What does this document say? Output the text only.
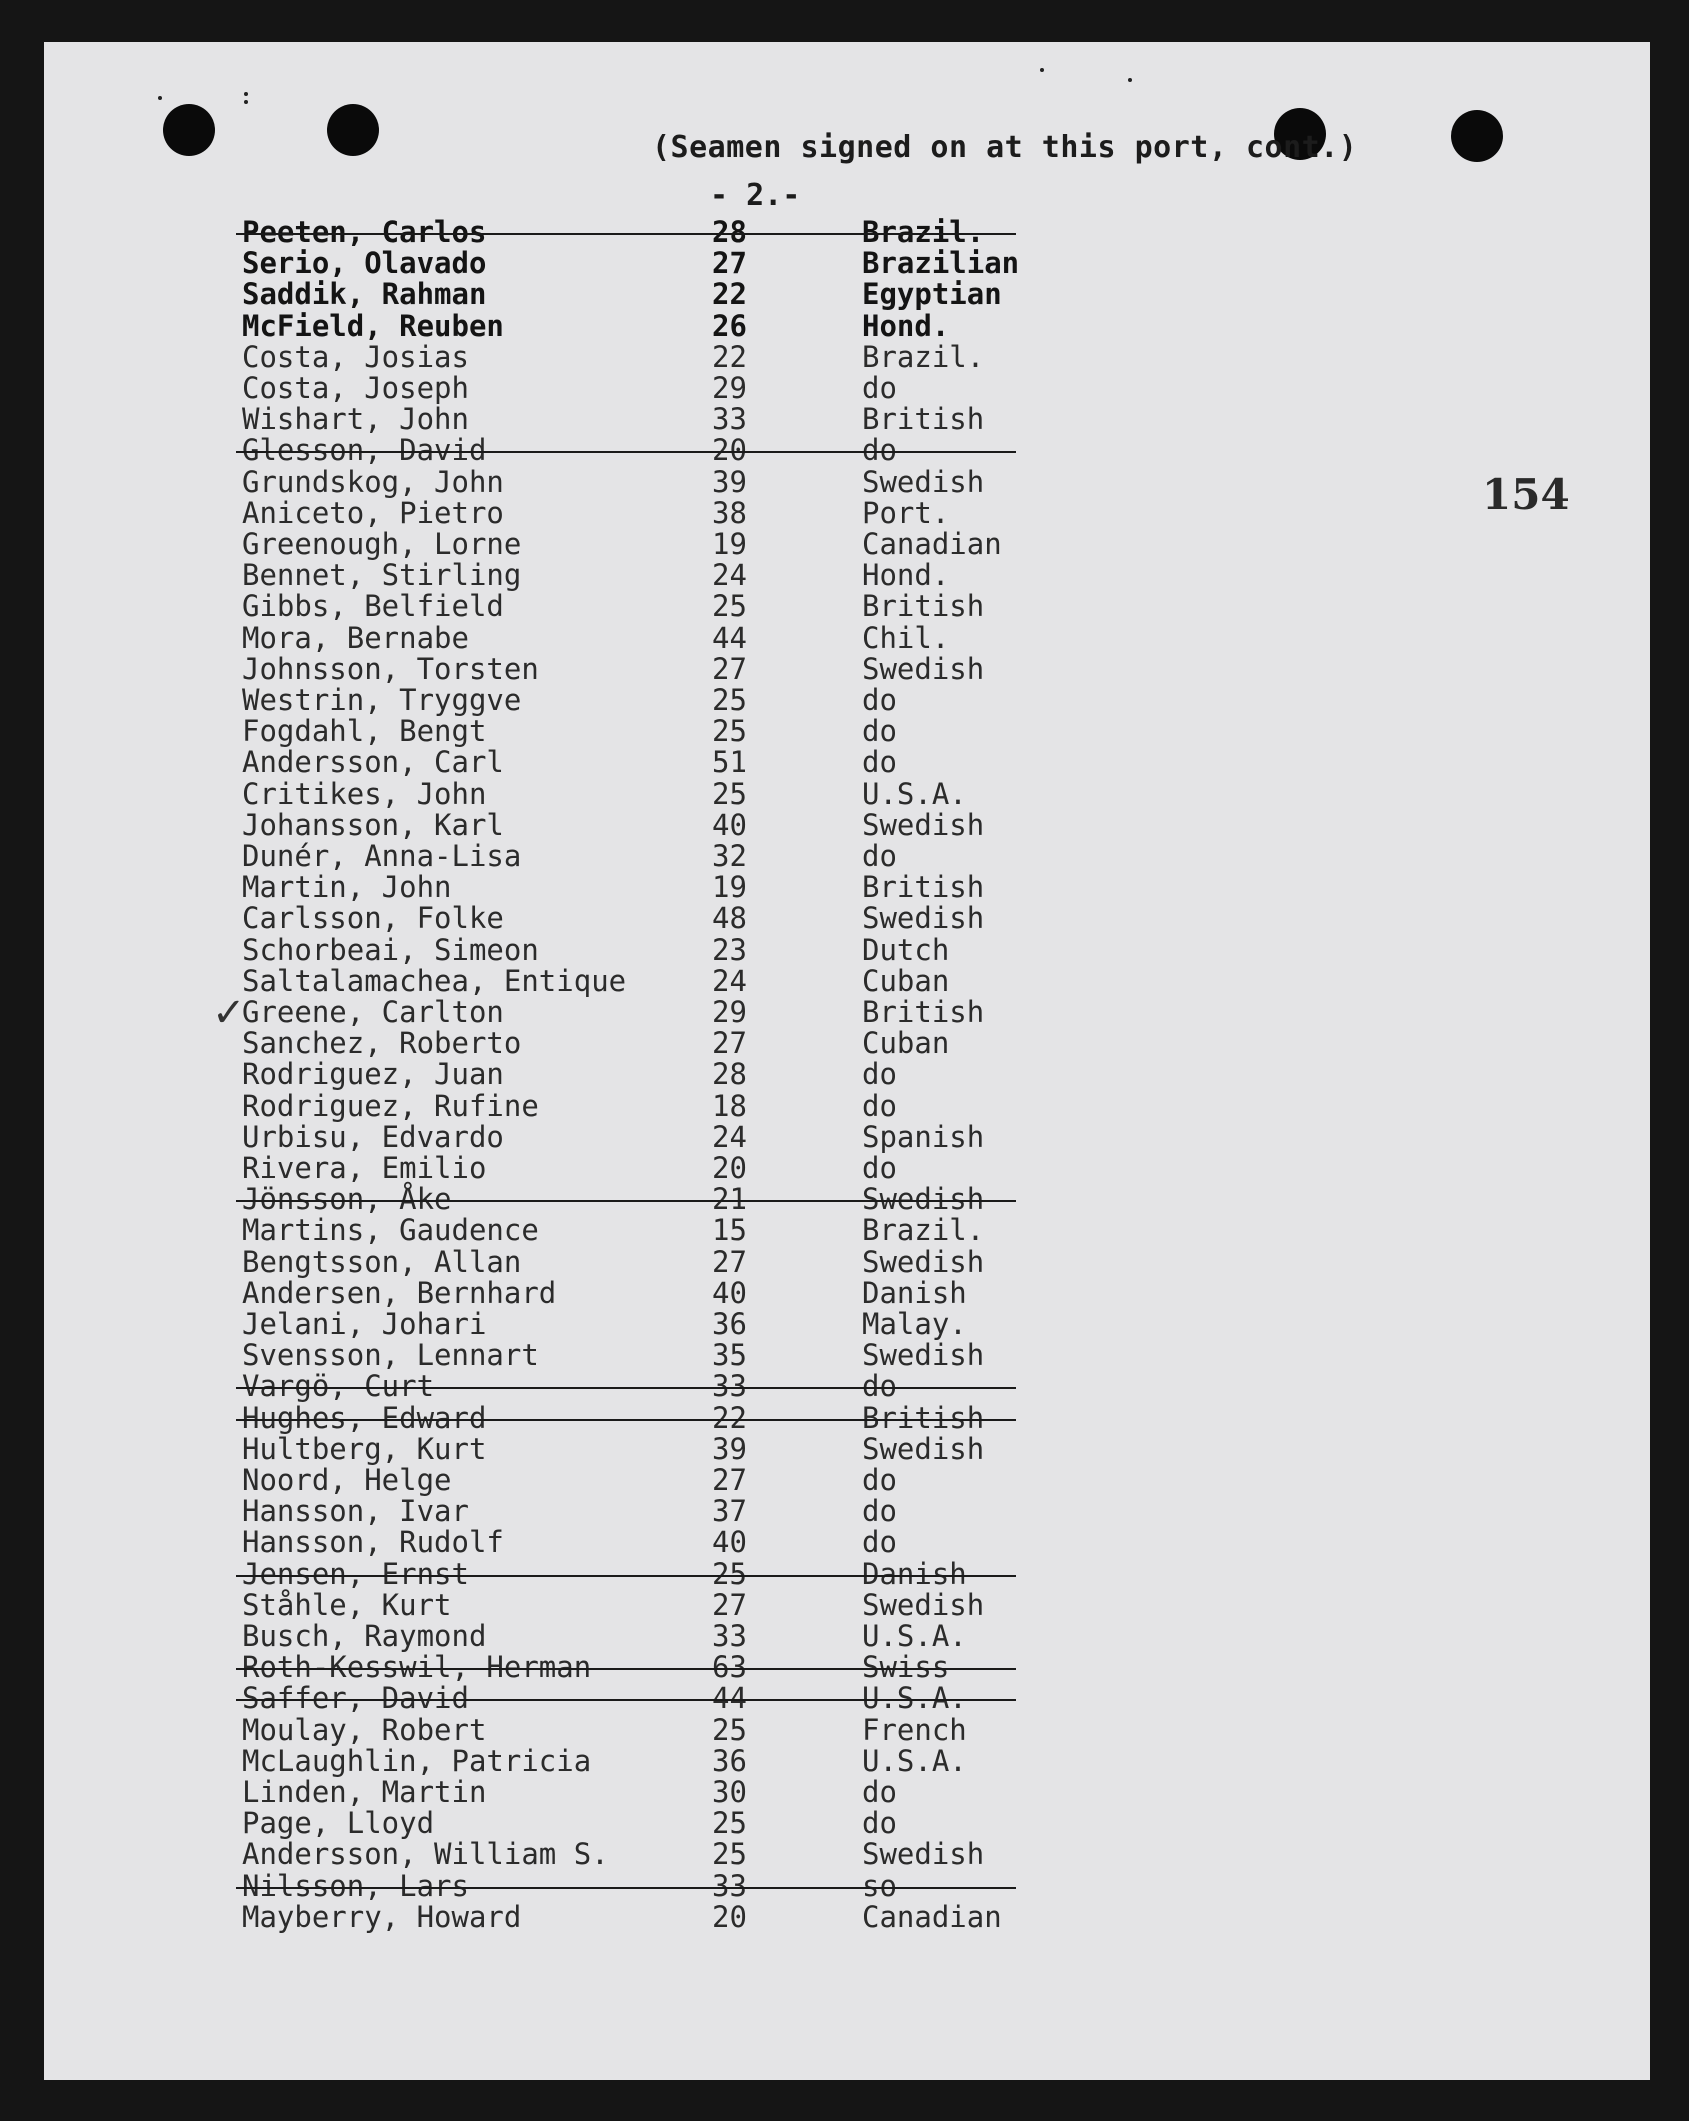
(Seamen signed on at this port, cont.)
- 2.-
154
Peeten, Carlos	28	Brazil.
Serio, Olavado	27	Brazilian
Saddik, Rahman	22	Egyptian
McField, Reuben	26	Hond.
Costa, Josias	22	Brazil.
Costa, Joseph	29	do
Wishart, John	33	British
Glesson, David	20	do
Grundskog, John	39	Swedish
Aniceto, Pietro	38	Port.
Greenough, Lorne	19	Canadian
Bennet, Stirling	24	Hond.
Gibbs, Belfield	25	British
Mora, Bernabe	44	Chil.
Johnsson, Torsten	27	Swedish
Westrin, Tryggve	25	do
Fogdahl, Bengt	25	do
Andersson, Carl	51	do
Critikes, John	25	U.S.A.
Johansson, Karl	40	Swedish
Dunér, Anna-Lisa	32	do
Martin, John	19	British
Carlsson, Folke	48	Swedish
Schorbeai, Simeon	23	Dutch
Saltalamachea, Entique	24	Cuban
Greene, Carlton	29	British
Sanchez, Roberto	27	Cuban
Rodriguez, Juan	28	do
Rodriguez, Rufine	18	do
Urbisu, Edvardo	24	Spanish
Rivera, Emilio	20	do
Jönsson, Åke	21	Swedish
Martins, Gaudence	15	Brazil.
Bengtsson, Allan	27	Swedish
Andersen, Bernhard	40	Danish
Jelani, Johari	36	Malay.
Svensson, Lennart	35	Swedish
Vargö, Curt	33	do
Hughes, Edward	22	British
Hultberg, Kurt	39	Swedish
Noord, Helge	27	do
Hansson, Ivar	37	do
Hansson, Rudolf	40	do
Jensen, Ernst	25	Danish
Ståhle, Kurt	27	Swedish
Busch, Raymond	33	U.S.A.
Roth-Kesswil, Herman	63	Swiss
Saffer, David	44	U.S.A.
Moulay, Robert	25	French
McLaughlin, Patricia	36	U.S.A.
Linden, Martin	30	do
Page, Lloyd	25	do
Andersson, William S.	25	Swedish
Nilsson, Lars	33	so
Mayberry, Howard	20	Canadian
✓
